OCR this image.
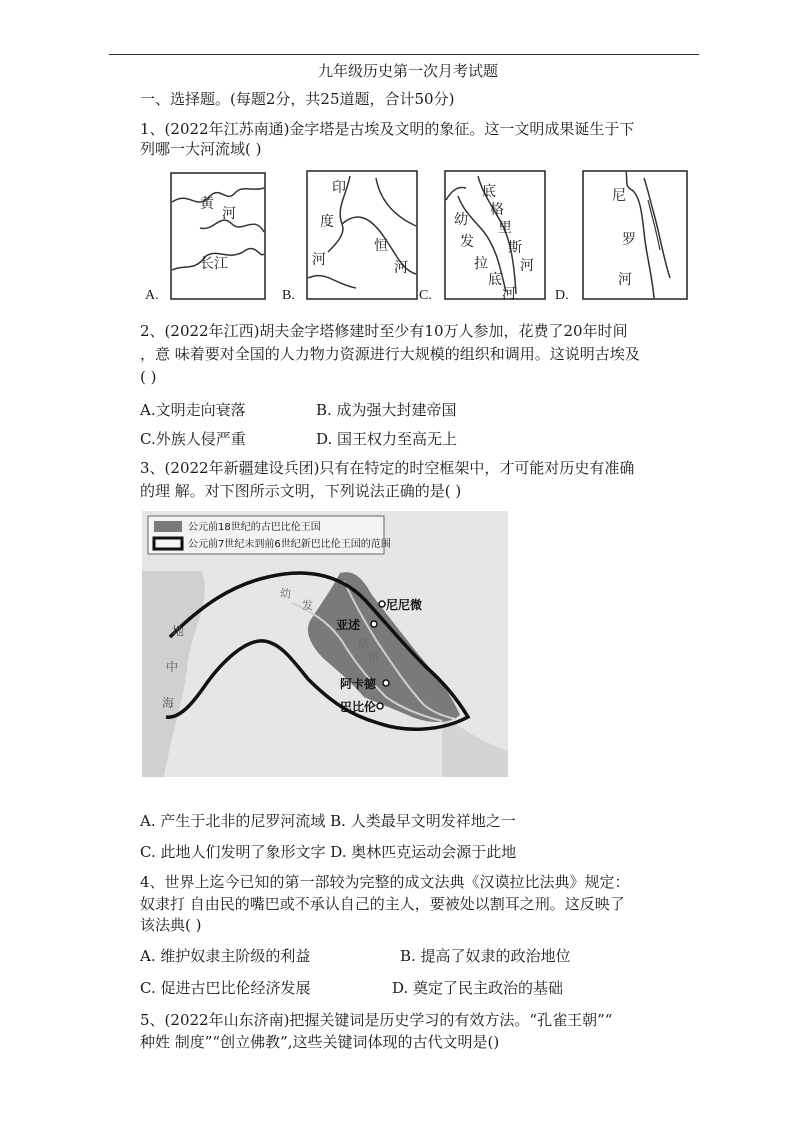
九年级历史第一次月考试题
一、选择题。(每题2分，共25道题，合计50分)
1、(2022年江苏南通)金字塔是古埃及文明的象征。这一文明成果诞生于下
列哪一大河流域( )
A.
黄
河
长江
B.
印
度
河
恒
河
C.
幼
发
拉
底
河
底
格
里
斯
河
D.
尼
罗
河
2、(2022年江西)胡夫金字塔修建时至少有10万人参加，花费了20年时间
，意 味着要对全国的人力物力资源进行大规模的组织和调用。这说明古埃及
( )
A.文明走向衰落	B. 成为强大封建帝国
C.外族人侵严重	D. 国王权力至高无上
3、(2022年新疆建设兵团)只有在特定的时空框架中，才可能对历史有准确
的理 解。对下图所示文明，下列说法正确的是( )
公元前18世纪的古巴比伦王国
公元前7世纪末到前6世纪新巴比伦王国的范围
尼尼微
亚述
阿卡德
巴比伦
地
中
海
幼
发
底
格
A. 产生于北非的尼罗河流域 B. 人类最早文明发祥地之一
C. 此地人们发明了象形文字 D. 奥林匹克运动会源于此地
4、世界上迄今已知的第一部较为完整的成文法典《汉谟拉比法典》规定：
奴隶打 自由民的嘴巴或不承认自己的主人，要被处以割耳之刑。这反映了
该法典( )
A. 维护奴隶主阶级的利益	B. 提高了奴隶的政治地位
C. 促进古巴比伦经济发展	D. 奠定了民主政治的基础
5、(2022年山东济南)把握关键词是历史学习的有效方法。“孔雀王朝”“
种姓 制度”“创立佛教”,这些关键词体现的古代文明是()
